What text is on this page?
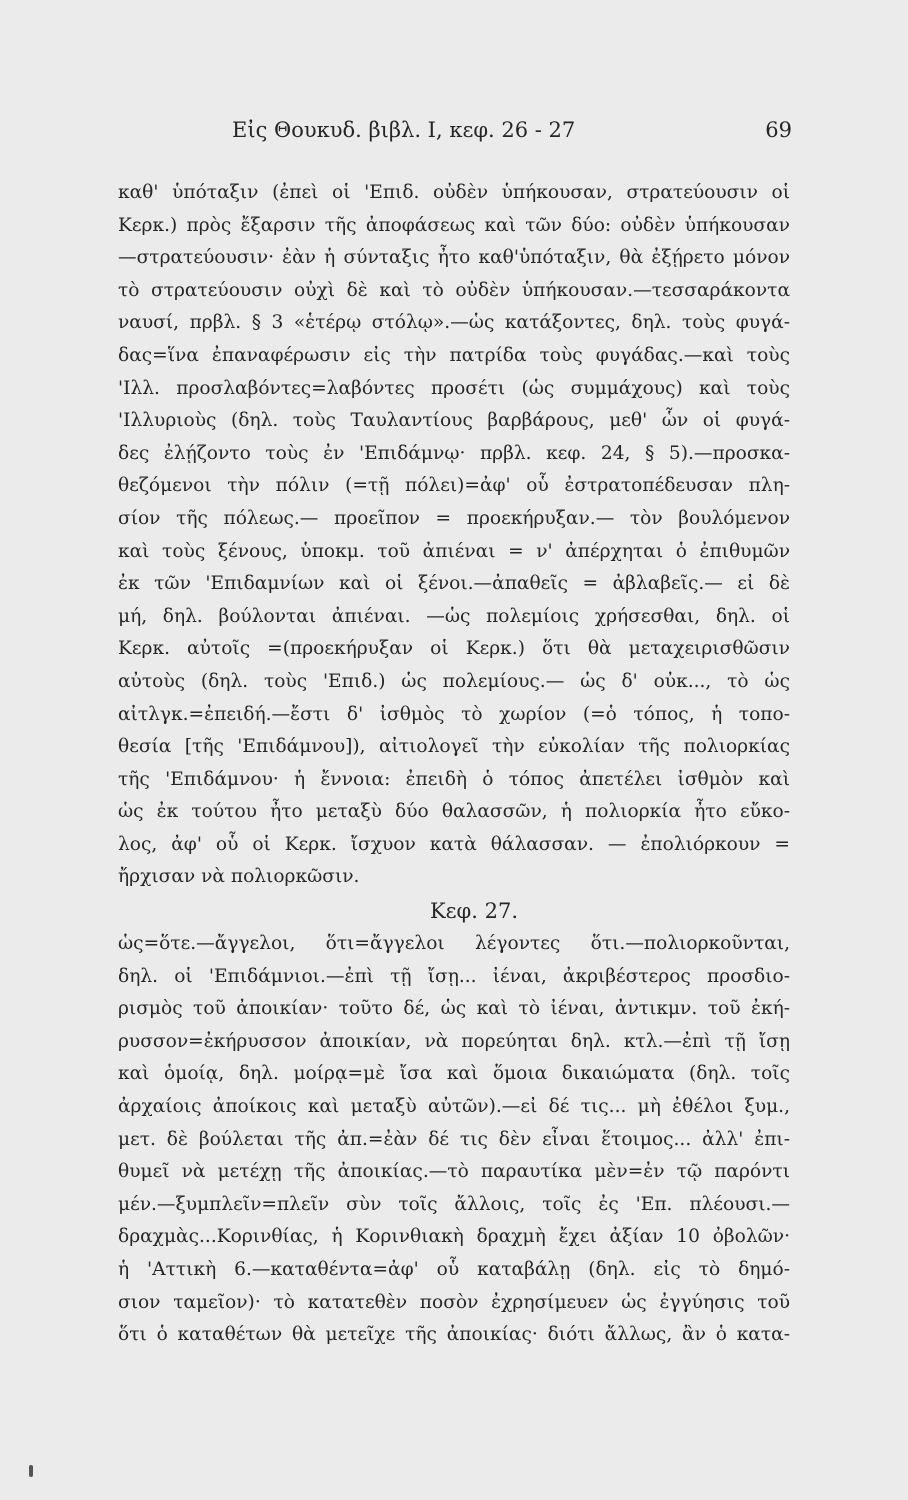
Εἰς Θουκυδ. βιβλ. Ι, κεφ. 26 - 27	69
καθ' ὑπόταξιν (ἐπεὶ οἱ 'Επιδ. οὐδὲν ὑπήκουσαν, στρατεύουσιν οἱ
Κερκ.) πρὸς ἔξαρσιν τῆς ἀποφάσεως καὶ τῶν δύο: οὐδὲν ὑπήκουσαν
—στρατεύουσιν· ἐὰν ἡ σύνταξις ἦτο καθ'ὑπόταξιν, θὰ ἐξῄρετο μόνον
τὸ στρατεύουσιν οὐχὶ δὲ καὶ τὸ οὐδὲν ὑπήκουσαν.—τεσσαράκοντα
ναυσί, πρβλ. § 3 «ἑτέρῳ στόλῳ».—ὡς κατάξοντες, δηλ. τοὺς φυγά-
δας=ἵνα ἐπαναφέρωσιν εἰς τὴν πατρίδα τοὺς φυγάδας.—καὶ τοὺς
'Ιλλ. προσλαβόντες=λαβόντες προσέτι (ὡς συμμάχους) καὶ τοὺς
'Ιλλυριοὺς (δηλ. τοὺς Ταυλαντίους βαρβάρους, μεθ' ὧν οἱ φυγά-
δες ἐλῄζοντο τοὺς ἐν 'Επιδάμνῳ· πρβλ. κεφ. 24, § 5).—προσκα-
θεζόμενοι τὴν πόλιν (=τῇ πόλει)=ἀφ' οὗ ἐστρατοπέδευσαν πλη-
σίον τῆς πόλεως.— προεῖπον = προεκήρυξαν.— τὸν βουλόμενον
καὶ τοὺς ξένους, ὑποκμ. τοῦ ἀπιέναι = ν' ἀπέρχηται ὁ ἐπιθυμῶν
ἐκ τῶν 'Επιδαμνίων καὶ οἱ ξένοι.—ἀπαθεῖς = ἀβλαβεῖς.— εἰ δὲ
μή, δηλ. βούλονται ἀπιέναι. —ὡς πολεμίοις χρήσεσθαι, δηλ. οἱ
Κερκ. αὐτοῖς =(προεκήρυξαν οἱ Κερκ.) ὅτι θὰ μεταχειρισθῶσιν
αὐτοὺς (δηλ. τοὺς 'Επιδ.) ὡς πολεμίους.— ὡς δ' οὐκ..., τὸ ὡς
αἰτλγκ.=ἐπειδή.—ἔστι δ' ἰσθμὸς τὸ χωρίον (=ὁ τόπος, ἡ τοπο-
θεσία [τῆς 'Επιδάμνου]), αἰτιολογεῖ τὴν εὐκολίαν τῆς πολιορκίας
τῆς 'Επιδάμνου· ἡ ἔννοια: ἐπειδὴ ὁ τόπος ἀπετέλει ἰσθμὸν καὶ
ὡς ἐκ τούτου ἦτο μεταξὺ δύο θαλασσῶν, ἡ πολιορκία ἦτο εὔκο-
λος, ἀφ' οὗ οἱ Κερκ. ἴσχυον κατὰ θάλασσαν. — ἐπολιόρκουν =
ἤρχισαν νὰ πολιορκῶσιν.
Κεφ. 27.
ὡς=ὅτε.—ἄγγελοι, ὅτι=ἄγγελοι λέγοντες ὅτι.—πολιορκοῦνται,
δηλ. οἱ 'Επιδάμνιοι.—ἐπὶ τῇ ἴσῃ... ἰέναι, ἀκριβέστερος προσδιο-
ρισμὸς τοῦ ἀποικίαν· τοῦτο δέ, ὡς καὶ τὸ ἰέναι, ἀντικμν. τοῦ ἐκή-
ρυσσον=ἐκήρυσσον ἀποικίαν, νὰ πορεύηται δηλ. κτλ.—ἐπὶ τῇ ἴσῃ
καὶ ὁμοίᾳ, δηλ. μοίρᾳ=μὲ ἴσα καὶ ὅμοια δικαιώματα (δηλ. τοῖς
ἀρχαίοις ἀποίκοις καὶ μεταξὺ αὐτῶν).—εἰ δέ τις... μὴ ἐθέλοι ξυμ.,
μετ. δὲ βούλεται τῆς ἀπ.=ἐὰν δέ τις δὲν εἶναι ἕτοιμος... ἀλλ' ἐπι-
θυμεῖ νὰ μετέχῃ τῆς ἀποικίας.—τὸ παραυτίκα μὲν=ἐν τῷ παρόντι
μέν.—ξυμπλεῖν=πλεῖν σὺν τοῖς ἄλλοις, τοῖς ἐς 'Επ. πλέουσι.—
δραχμὰς...Κορινθίας, ἡ Κορινθιακὴ δραχμὴ ἔχει ἀξίαν 10 ὀβολῶν·
ἡ 'Αττικὴ 6.—καταθέντα=ἀφ' οὗ καταβάλῃ (δηλ. εἰς τὸ δημό-
σιον ταμεῖον)· τὸ κατατεθὲν ποσὸν ἐχρησίμευεν ὡς ἐγγύησις τοῦ
ὅτι ὁ καταθέτων θὰ μετεῖχε τῆς ἀποικίας· διότι ἄλλως, ἂν ὁ κατα-
